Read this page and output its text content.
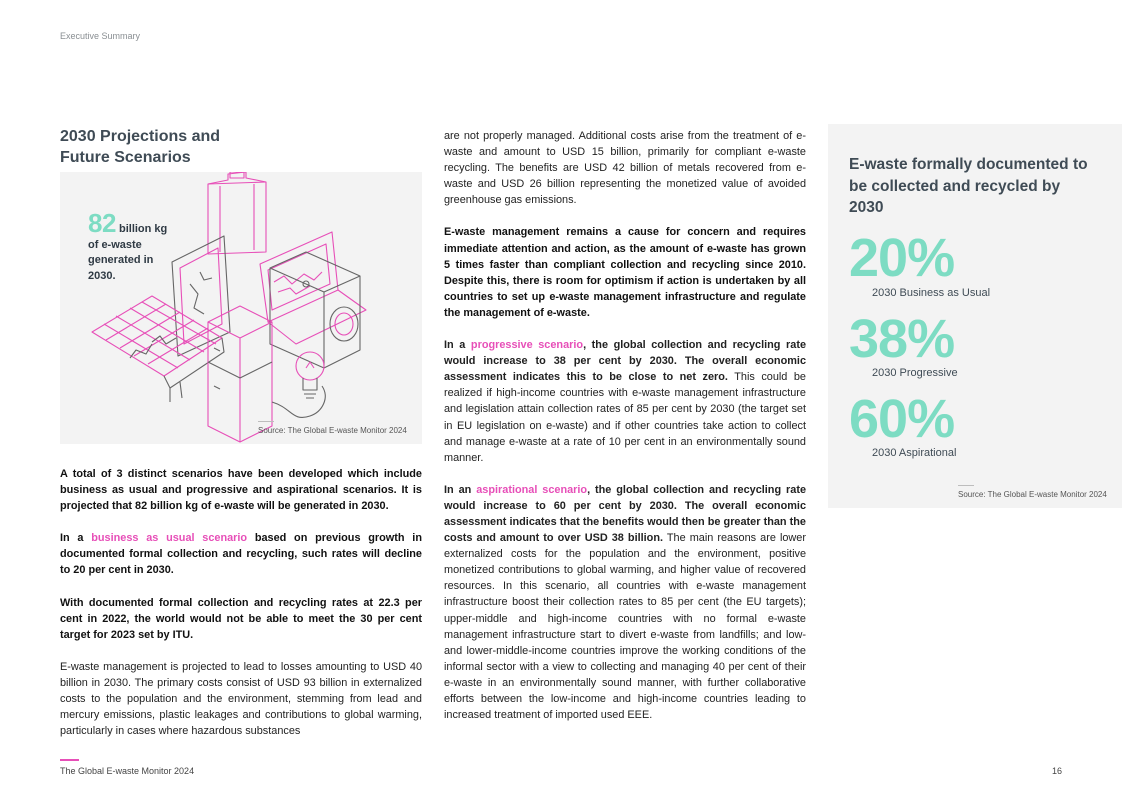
Executive Summary
2030 Projections and
Future Scenarios
82 billion kg
of e-waste
generated in
2030.
Source: The Global E-waste Monitor 2024

A total of 3 distinct scenarios have been developed which include business as usual and progressive and aspirational scenarios. It is projected that 82 billion kg of e-waste will be generated in 2030.

In a business as usual scenario based on previous growth in documented formal collection and recycling, such rates will decline to 20 per cent in 2030.

With documented formal collection and recycling rates at 22.3 per cent in 2022, the world would not be able to meet the 30 per cent target for 2023 set by ITU.

E-waste management is projected to lead to losses amounting to USD 40 billion in 2030. The primary costs consist of USD 93 billion in externalized costs to the population and the environment, stemming from lead and mercury emissions, plastic leakages and contributions to global warming, particularly in cases where hazardous substances

are not properly managed. Additional costs arise from the treatment of e-waste and amount to USD 15 billion, primarily for compliant e-waste recycling. The benefits are USD 42 billion of metals recovered from e-waste and USD 26 billion representing the monetized value of avoided greenhouse gas emissions.

E-waste management remains a cause for concern and requires immediate attention and action, as the amount of e-waste has grown 5 times faster than compliant collection and recycling since 2010. Despite this, there is room for optimism if action is undertaken by all countries to set up e-waste management infrastructure and regulate the management of e-waste.

In a progressive scenario, the global collection and recycling rate would increase to 38 per cent by 2030. The overall economic assessment indicates this to be close to net zero. This could be realized if high-income countries with e-waste management infrastructure and legislation attain collection rates of 85 per cent by 2030 (the target set in EU legislation on e-waste) and if other countries take action to collect and manage e-waste at a rate of 10 per cent in an environmentally sound manner.

In an aspirational scenario, the global collection and recycling rate would increase to 60 per cent by 2030. The overall economic assessment indicates that the benefits would then be greater than the costs and amount to over USD 38 billion. The main reasons are lower externalized costs for the population and the environment, positive monetized contributions to global warming, and higher value of recovered resources. In this scenario, all countries with e-waste management infrastructure boost their collection rates to 85 per cent (the EU targets); upper-middle and high-income countries with no formal e-waste management infrastructure start to divert e-waste from landfills; and low- and lower-middle-income countries improve the working conditions of the informal sector with a view to collecting and managing 40 per cent of their e-waste in an environmentally sound manner, with further collaborative efforts between the low-income and high-income countries leading to increased treatment of imported used EEE.

E-waste formally documented to be collected and recycled by 2030
20%
2030 Business as Usual
38%
2030 Progressive
60%
2030 Aspirational
Source: The Global E-waste Monitor 2024
The Global E-waste Monitor 2024	16
